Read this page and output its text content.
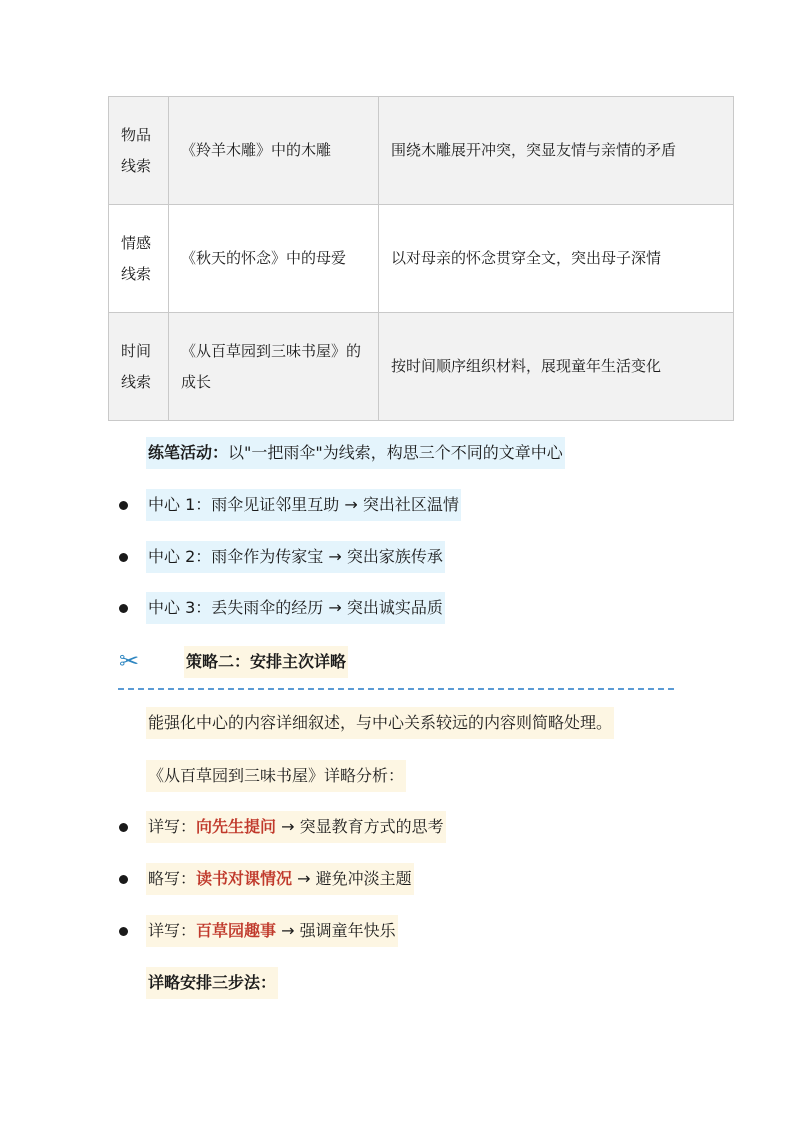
物品线索	《羚羊木雕》中的木雕	围绕木雕展开冲突，突显友情与亲情的矛盾
情感线索	《秋天的怀念》中的母爱	以对母亲的怀念贯穿全文，突出母子深情
时间线索	《从百草园到三味书屋》的成长	按时间顺序组织材料，展现童年生活变化
练笔活动：以"一把雨伞"为线索，构思三个不同的文章中心
中心 1：雨伞见证邻里互助 → 突出社区温情
中心 2：雨伞作为传家宝 → 突出家族传承
中心 3：丢失雨伞的经历 → 突出诚实品质
✂	策略二：安排主次详略
能强化中心的内容详细叙述，与中心关系较远的内容则简略处理。
《从百草园到三味书屋》详略分析：
详写：向先生提问 → 突显教育方式的思考
略写：读书对课情况 → 避免冲淡主题
详写：百草园趣事 → 强调童年快乐
详略安排三步法：
